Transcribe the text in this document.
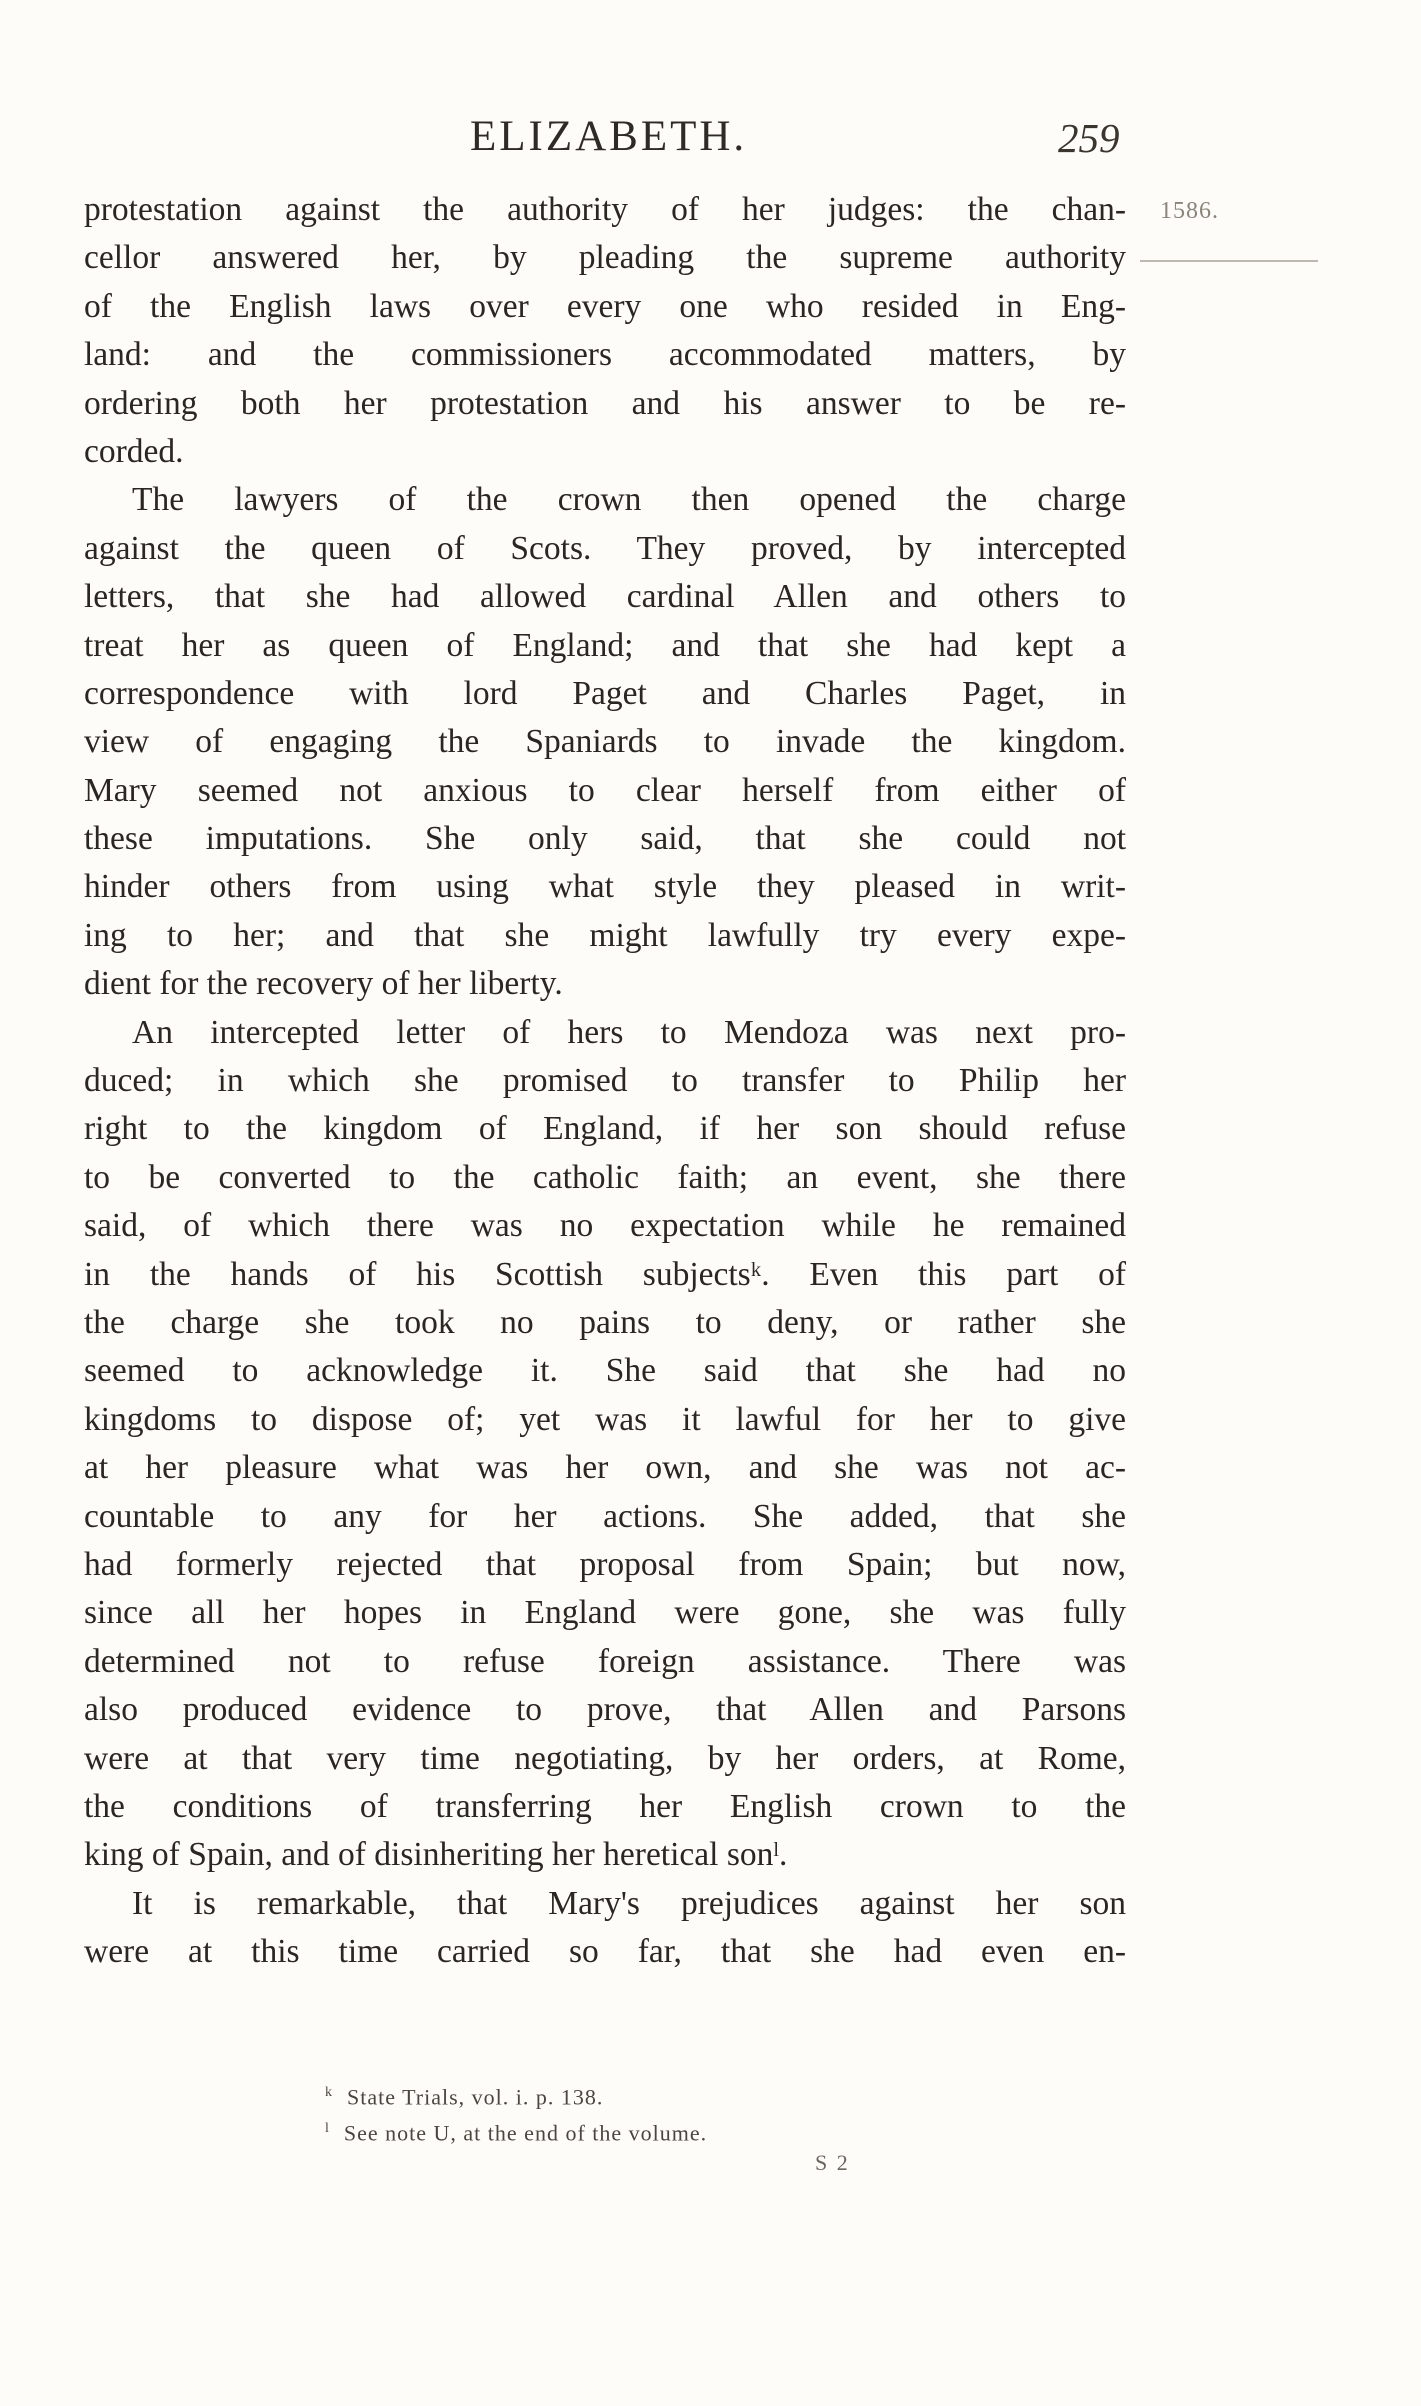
ELIZABETH.	259
1586.
protestation against the authority of her judges: the chan-
cellor answered her, by pleading the supreme authority
of the English laws over every one who resided in Eng-
land: and the commissioners accommodated matters, by
ordering both her protestation and his answer to be re-
corded.
The lawyers of the crown then opened the charge
against the queen of Scots. They proved, by intercepted
letters, that she had allowed cardinal Allen and others to
treat her as queen of England; and that she had kept a
correspondence with lord Paget and Charles Paget, in
view of engaging the Spaniards to invade the kingdom.
Mary seemed not anxious to clear herself from either of
these imputations. She only said, that she could not
hinder others from using what style they pleased in writ-
ing to her; and that she might lawfully try every expe-
dient for the recovery of her liberty.
An intercepted letter of hers to Mendoza was next pro-
duced; in which she promised to transfer to Philip her
right to the kingdom of England, if her son should refuse
to be converted to the catholic faith; an event, she there
said, of which there was no expectation while he remained
in the hands of his Scottish subjectsᵏ. Even this part of
the charge she took no pains to deny, or rather she
seemed to acknowledge it. She said that she had no
kingdoms to dispose of; yet was it lawful for her to give
at her pleasure what was her own, and she was not ac-
countable to any for her actions. She added, that she
had formerly rejected that proposal from Spain; but now,
since all her hopes in England were gone, she was fully
determined not to refuse foreign assistance. There was
also produced evidence to prove, that Allen and Parsons
were at that very time negotiating, by her orders, at Rome,
the conditions of transferring her English crown to the
king of Spain, and of disinheriting her heretical sonˡ.
It is remarkable, that Mary's prejudices against her son
were at this time carried so far, that she had even en-
$^k$ State Trials, vol. i. p. 138.
$^l$ See note U, at the end of the volume.
S 2
